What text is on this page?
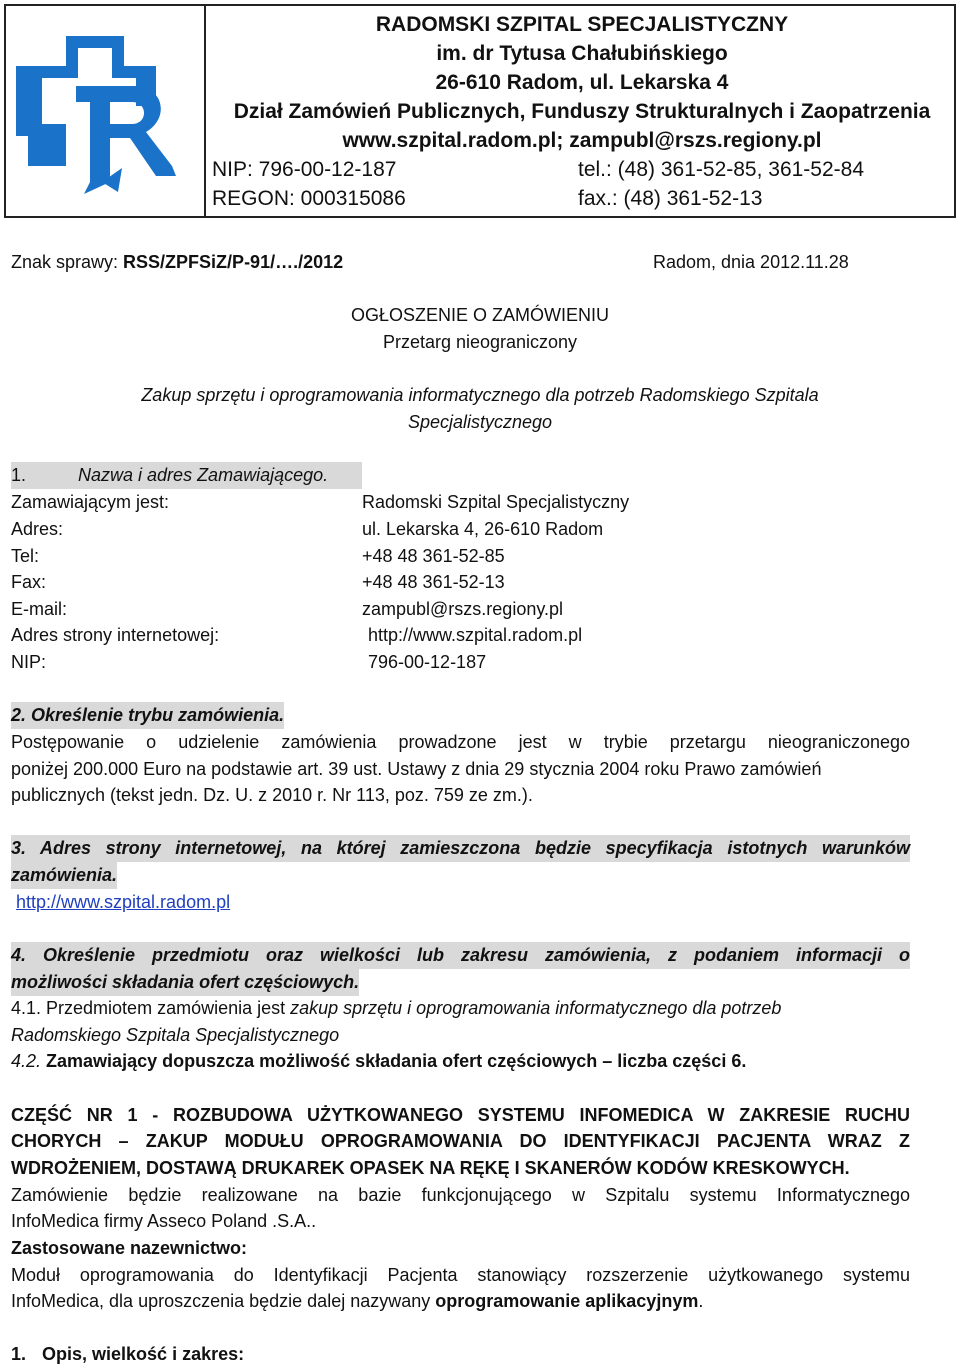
RADOMSKI SZPITAL SPECJALISTYCZNY
im. dr Tytusa Chałubińskiego
26-610 Radom, ul. Lekarska 4
Dział Zamówień Publicznych, Funduszy Strukturalnych i Zaopatrzenia
www.szpital.radom.pl; zampubl@rszs.regiony.pl
NIP: 796-00-12-187	tel.: (48) 361-52-85, 361-52-84
REGON: 000315086	fax.: (48) 361-52-13
Znak sprawy: RSS/ZPFSiZ/P-91/…./2012	Radom, dnia 2012.11.28
OGŁOSZENIE O ZAMÓWIENIU
Przetarg nieograniczony
Zakup sprzętu i oprogramowania informatycznego dla potrzeb Radomskiego Szpitala
Specjalistycznego
1.	Nazwa i adres Zamawiającego.
Zamawiającym jest:	Radomski Szpital Specjalistyczny
Adres:	ul. Lekarska 4, 26-610 Radom
Tel:	+48 48 361-52-85
Fax:	+48 48 361-52-13
E-mail:	zampubl@rszs.regiony.pl
Adres strony internetowej:	http://www.szpital.radom.pl
NIP:	796-00-12-187
2. Określenie trybu zamówienia.
Postępowanie o udzielenie zamówienia prowadzone jest w trybie przetargu nieograniczonego
poniżej 200.000 Euro na podstawie art. 39 ust. Ustawy z dnia 29 stycznia 2004 roku Prawo zamówień
publicznych (tekst jedn. Dz. U. z 2010 r. Nr 113, poz. 759 ze zm.).
3. Adres strony internetowej, na której zamieszczona będzie specyfikacja istotnych warunków
zamówienia.
http://www.szpital.radom.pl
4. Określenie przedmiotu oraz wielkości lub zakresu zamówienia, z podaniem informacji o
możliwości składania ofert częściowych.
4.1. Przedmiotem zamówienia jest zakup sprzętu i oprogramowania informatycznego dla potrzeb
Radomskiego Szpitala Specjalistycznego
4.2. Zamawiający dopuszcza możliwość składania ofert częściowych – liczba części 6.
CZĘŚĆ NR 1 - ROZBUDOWA UŻYTKOWANEGO SYSTEMU INFOMEDICA W ZAKRESIE RUCHU
CHORYCH – ZAKUP MODUŁU OPROGRAMOWANIA DO IDENTYFIKACJI PACJENTA WRAZ Z
WDROŻENIEM, DOSTAWĄ DRUKAREK OPASEK NA RĘKĘ I SKANERÓW KODÓW KRESKOWYCH.
Zamówienie będzie realizowane na bazie funkcjonującego w Szpitalu systemu Informatycznego
InfoMedica firmy Asseco Poland .S.A..
Zastosowane nazewnictwo:
Moduł oprogramowania do Identyfikacji Pacjenta stanowiący rozszerzenie użytkowanego systemu
InfoMedica, dla uproszczenia będzie dalej nazywany oprogramowanie aplikacyjnym.
1. Opis, wielkość i zakres:
